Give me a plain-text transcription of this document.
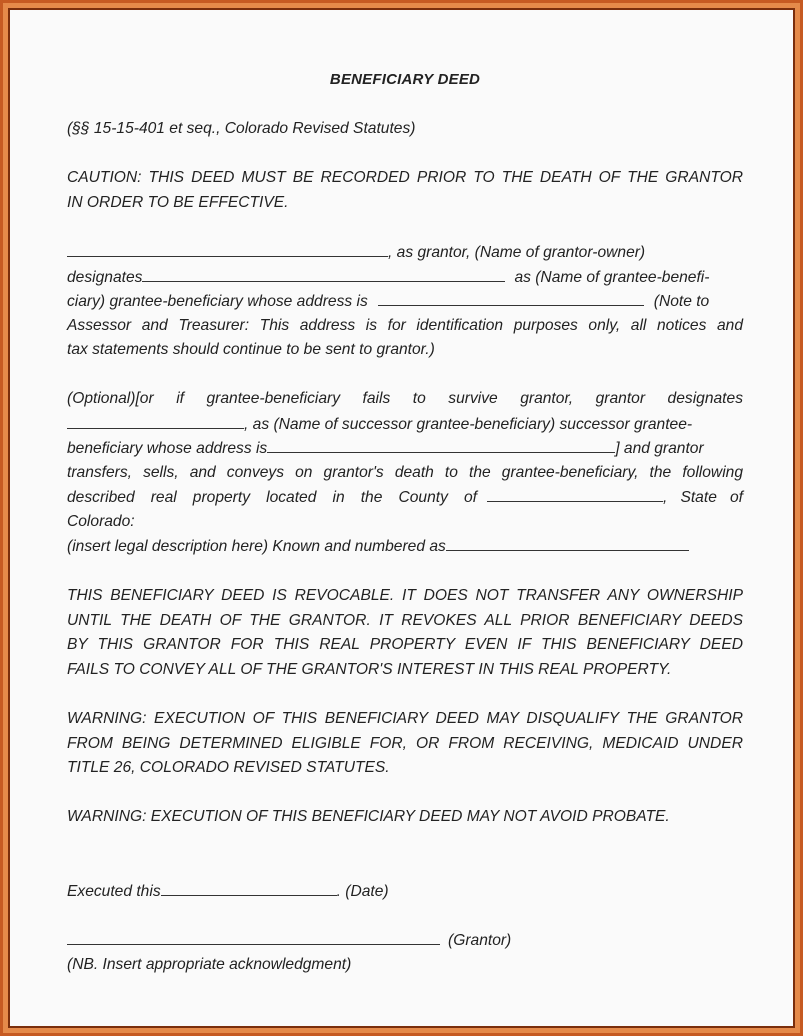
BENEFICIARY DEED
(§§ 15-15-401 et seq., Colorado Revised Statutes)
CAUTION: THIS DEED MUST BE RECORDED PRIOR TO THE DEATH OF THE GRANTOR
IN ORDER TO BE EFFECTIVE.
, as grantor, (Name of grantor-owner)
designates	as (Name of grantee-benefi-
ciary) grantee-beneficiary whose address is	(Note to
Assessor and Treasurer: This address is for identification purposes only, all notices and
tax statements should continue to be sent to grantor.)
(Optional)[or if grantee-beneficiary fails to survive grantor, grantor designates
, as (Name of successor grantee-beneficiary) successor grantee-
beneficiary whose address is	] and grantor
transfers, sells, and conveys on grantor's death to the grantee-beneficiary, the following
described real property located in the County of	, State of
Colorado:
(insert legal description here) Known and numbered as
THIS BENEFICIARY DEED IS REVOCABLE. IT DOES NOT TRANSFER ANY OWNERSHIP
UNTIL THE DEATH OF THE GRANTOR. IT REVOKES ALL PRIOR BENEFICIARY DEEDS
BY THIS GRANTOR FOR THIS REAL PROPERTY EVEN IF THIS BENEFICIARY DEED
FAILS TO CONVEY ALL OF THE GRANTOR'S INTEREST IN THIS REAL PROPERTY.
WARNING: EXECUTION OF THIS BENEFICIARY DEED MAY DISQUALIFY THE GRANTOR
FROM BEING DETERMINED ELIGIBLE FOR, OR FROM RECEIVING, MEDICAID UNDER
TITLE 26, COLORADO REVISED STATUTES.
WARNING: EXECUTION OF THIS BENEFICIARY DEED MAY NOT AVOID PROBATE.
Executed this	. (Date)
(Grantor)
(NB. Insert appropriate acknowledgment)
